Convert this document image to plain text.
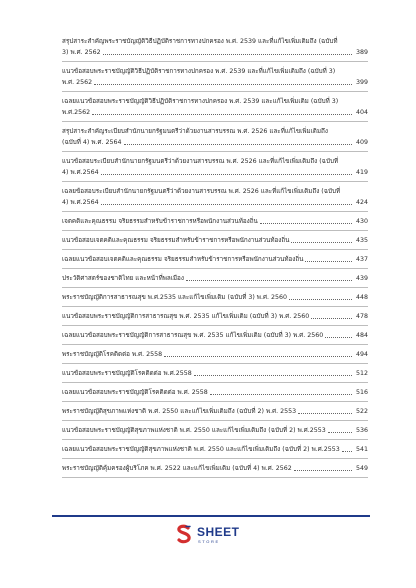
สรุปสาระสำคัญพระราชบัญญัติวิธีปฏิบัติราชการทางปกครอง พ.ศ. 2539 และที่แก้ไขเพิ่มเติมถึง (ฉบับที่
3) พ.ศ. 2562	389
แนวข้อสอบพระราชบัญญัติวิธีปฏิบัติราชการทางปกครอง พ.ศ. 2539 และที่แก้ไขเพิ่มเติมถึง (ฉบับที่ 3)
พ.ศ. 2562	399
เฉลยแนวข้อสอบพระราชบัญญัติวิธีปฏิบัติราชการทางปกครอง พ.ศ. 2539 และแก้ไขเพิ่มเติม (ฉบับที่ 3)
พ.ศ.2562	404
สรุปสาระสำคัญระเบียบสำนักนายกรัฐมนตรีว่าด้วยงานสารบรรณ พ.ศ. 2526 และที่แก้ไขเพิ่มเติมถึง
(ฉบับที่ 4) พ.ศ. 2564	409
แนวข้อสอบระเบียบสำนักนายกรัฐมนตรีว่าด้วยงานสารบรรณ พ.ศ. 2526 และที่แก้ไขเพิ่มเติมถึง (ฉบับที่
4) พ.ศ.2564	419
เฉลยข้อสอบระเบียบสำนักนายกรัฐมนตรีว่าด้วยงานสารบรรณ พ.ศ. 2526 และที่แก้ไขเพิ่มเติมถึง (ฉบับที่
4) พ.ศ.2564	424
เจตคติและคุณธรรม จริยธรรมสำหรับข้าราชการหรือพนักงานส่วนท้องถิ่น	430
แนวข้อสอบเจตคติและคุณธรรม จริยธรรมสำหรับข้าราชการหรือพนักงานส่วนท้องถิ่น	435
เฉลยแนวข้อสอบเจตคติและคุณธรรม จริยธรรมสำหรับข้าราชการหรือพนักงานส่วนท้องถิ่น	437
ประวัติศาสตร์ของชาติไทย และหน้าที่พลเมือง	439
พระราชบัญญัติการสาธารณสุข พ.ศ.2535 และแก้ไขเพิ่มเติม (ฉบับที่ 3) พ.ศ. 2560	448
แนวข้อสอบพระราชบัญญัติการสาธารณสุข พ.ศ. 2535 แก้ไขเพิ่มเติม (ฉบับที่ 3) พ.ศ. 2560	478
เฉลยแนวข้อสอบพระราชบัญญัติการสาธารณสุข พ.ศ. 2535 แก้ไขเพิ่มเติม (ฉบับที่ 3) พ.ศ. 2560	484
พระราชบัญญัติโรคติดต่อ พ.ศ. 2558	494
แนวข้อสอบพระราชบัญญัติโรคติดต่อ พ.ศ.2558	512
เฉลยแนวข้อสอบพระราชบัญญัติโรคติดต่อ พ.ศ. 2558	516
พระราชบัญญัติสุขภาพแห่งชาติ พ.ศ. 2550 และแก้ไขเพิ่มเติมถึง (ฉบับที่ 2) พ.ศ. 2553	522
แนวข้อสอบพระราชบัญญัติสุขภาพแห่งชาติ พ.ศ. 2550 และแก้ไขเพิ่มเติมถึง (ฉบับที่ 2) พ.ศ.2553	536
เฉลยแนวข้อสอบพระราชบัญญัติสุขภาพแห่งชาติ พ.ศ. 2550 และแก้ไขเพิ่มเติมถึง (ฉบับที่ 2) พ.ศ.2553	541
พระราชบัญญัติคุ้มครองผู้บริโภค พ.ศ. 2522 และแก้ไขเพิ่มเติม (ฉบับที่ 4) พ.ศ. 2562	549
SHEET
STORE
